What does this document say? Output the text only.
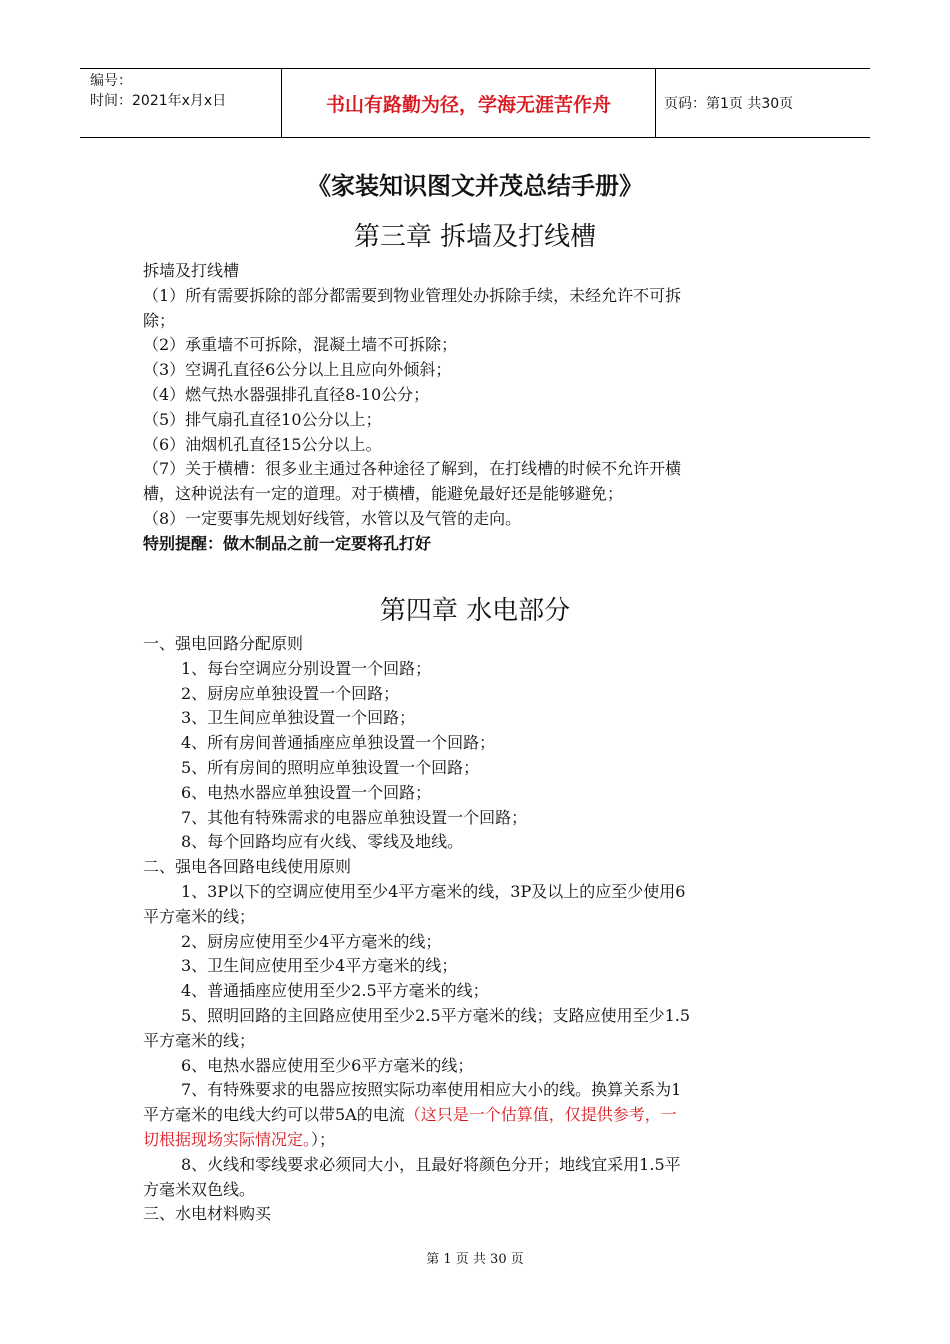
编号：
时间：2021年x月x日	书山有路勤为径，学海无涯苦作舟	页码：第1页 共30页
《家装知识图文并茂总结手册》
第三章 拆墙及打线槽
拆墙及打线槽
（1）所有需要拆除的部分都需要到物业管理处办拆除手续，未经允许不可拆
除；
（2）承重墙不可拆除，混凝土墙不可拆除；
（3）空调孔直径6公分以上且应向外倾斜；
（4）燃气热水器强排孔直径8-10公分；
（5）排气扇孔直径10公分以上；
（6）油烟机孔直径15公分以上。
（7）关于横槽：很多业主通过各种途径了解到，在打线槽的时候不允许开横
槽，这种说法有一定的道理。对于横槽，能避免最好还是能够避免；
（8）一定要事先规划好线管，水管以及气管的走向。
特别提醒：做木制品之前一定要将孔打好
第四章 水电部分
一、强电回路分配原则
1、每台空调应分别设置一个回路；
2、厨房应单独设置一个回路；
3、卫生间应单独设置一个回路；
4、所有房间普通插座应单独设置一个回路；
5、所有房间的照明应单独设置一个回路；
6、电热水器应单独设置一个回路；
7、其他有特殊需求的电器应单独设置一个回路；
8、每个回路均应有火线、零线及地线。
二、强电各回路电线使用原则
1、3P以下的空调应使用至少4平方毫米的线，3P及以上的应至少使用6
平方毫米的线；
2、厨房应使用至少4平方毫米的线；
3、卫生间应使用至少4平方毫米的线；
4、普通插座应使用至少2.5平方毫米的线；
5、照明回路的主回路应使用至少2.5平方毫米的线；支路应使用至少1.5
平方毫米的线；
6、电热水器应使用至少6平方毫米的线；
7、有特殊要求的电器应按照实际功率使用相应大小的线。换算关系为1
平方毫米的电线大约可以带5A的电流（这只是一个估算值，仅提供参考，一
切根据现场实际情况定。）；
8、火线和零线要求必须同大小，且最好将颜色分开；地线宜采用1.5平
方毫米双色线。
三、水电材料购买
第 1 页 共 30 页
